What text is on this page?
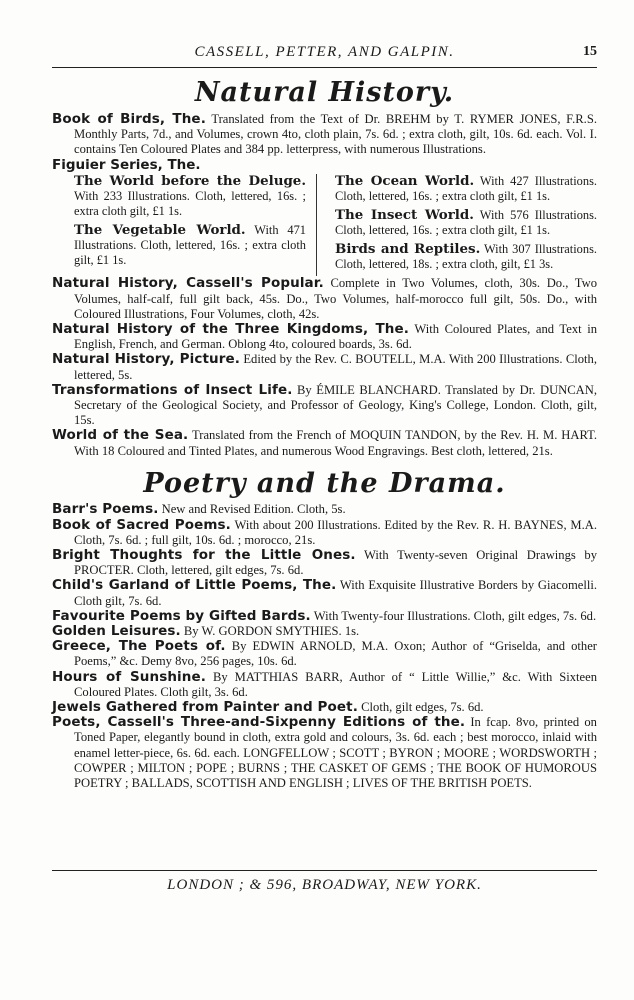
CASSELL, PETTER, AND GALPIN.	15
Natural History.
Book of Birds, The. Translated from the Text of Dr. BREHM by T. RYMER JONES, F.R.S. Monthly Parts, 7d., and Volumes, crown 4to, cloth plain, 7s. 6d. ; extra cloth, gilt, 10s. 6d. each. Vol. I. contains Ten Coloured Plates and 384 pp. letterpress, with numerous Illustrations.
Figuier Series, The.
The World before the Deluge. With 233 Illustrations. Cloth, lettered, 16s. ; extra cloth gilt, £1 1s.
The Vegetable World. With 471 Illustrations. Cloth, lettered, 16s. ; extra cloth gilt, £1 1s.
The Ocean World. With 427 Illustrations. Cloth, lettered, 16s. ; extra cloth gilt, £1 1s.
The Insect World. With 576 Illustrations. Cloth, lettered, 16s. ; extra cloth gilt, £1 1s.
Birds and Reptiles. With 307 Illustrations. Cloth, lettered, 18s. ; extra cloth, gilt, £1 3s.
Natural History, Cassell's Popular. Complete in Two Volumes, cloth, 30s. Do., Two Volumes, half-calf, full gilt back, 45s. Do., Two Volumes, half-morocco full gilt, 50s. Do., with Coloured Illustrations, Four Volumes, cloth, 42s.
Natural History of the Three Kingdoms, The. With Coloured Plates, and Text in English, French, and German. Oblong 4to, coloured boards, 3s. 6d.
Natural History, Picture. Edited by the Rev. C. BOUTELL, M.A. With 200 Illustrations. Cloth, lettered, 5s.
Transformations of Insect Life. By ÉMILE BLANCHARD. Translated by Dr. DUNCAN, Secretary of the Geological Society, and Professor of Geology, King's College, London. Cloth, gilt, 15s.
World of the Sea. Translated from the French of MOQUIN TANDON, by the Rev. H. M. HART. With 18 Coloured and Tinted Plates, and numerous Wood Engravings. Best cloth, lettered, 21s.
Poetry and the Drama.
Barr's Poems. New and Revised Edition. Cloth, 5s.
Book of Sacred Poems. With about 200 Illustrations. Edited by the Rev. R. H. BAYNES, M.A. Cloth, 7s. 6d. ; full gilt, 10s. 6d. ; morocco, 21s.
Bright Thoughts for the Little Ones. With Twenty-seven Original Drawings by PROCTER. Cloth, lettered, gilt edges, 7s. 6d.
Child's Garland of Little Poems, The. With Exquisite Illustrative Borders by Giacomelli. Cloth gilt, 7s. 6d.
Favourite Poems by Gifted Bards. With Twenty-four Illustrations. Cloth, gilt edges, 7s. 6d.
Golden Leisures. By W. GORDON SMYTHIES. 1s.
Greece, The Poets of. By EDWIN ARNOLD, M.A. Oxon; Author of “Griselda, and other Poems,” &c. Demy 8vo, 256 pages, 10s. 6d.
Hours of Sunshine. By MATTHIAS BARR, Author of “ Little Willie,” &c. With Sixteen Coloured Plates. Cloth gilt, 3s. 6d.
Jewels Gathered from Painter and Poet. Cloth, gilt edges, 7s. 6d.
Poets, Cassell's Three-and-Sixpenny Editions of the. In fcap. 8vo, printed on Toned Paper, elegantly bound in cloth, extra gold and colours, 3s. 6d. each ; best morocco, inlaid with enamel letter-piece, 6s. 6d. each. LONGFELLOW ; SCOTT ; BYRON ; MOORE ; WORDSWORTH ; COWPER ; MILTON ; POPE ; BURNS ; THE CASKET OF GEMS ; THE BOOK OF HUMOROUS POETRY ; BALLADS, SCOTTISH AND ENGLISH ; LIVES OF THE BRITISH POETS.
LONDON ; & 596, BROADWAY, NEW YORK.
